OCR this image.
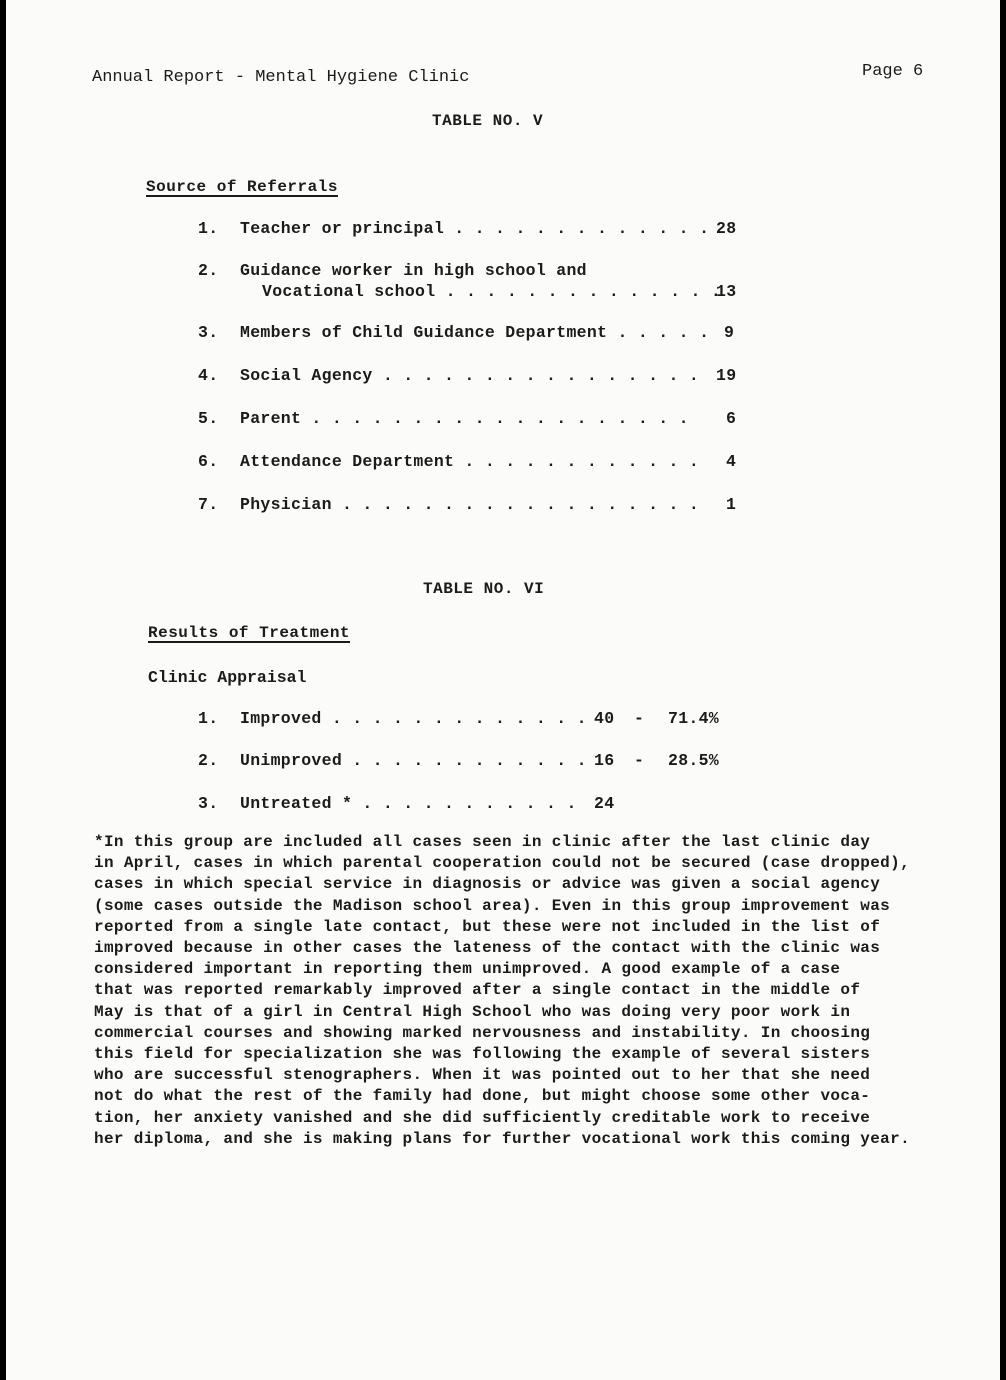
Annual Report - Mental Hygiene Clinic	Page 6
TABLE NO. V
Source of Referrals

1.

Teacher or principal . . . . . . . . . . . . .

28

2.

Guidance worker in high school and

Vocational school . . . . . . . . . . . . . .

13

3.

Members of Child Guidance Department . . . . .

9

4.

Social Agency . . . . . . . . . . . . . . . .

19

5.

Parent . . . . . . . . . . . . . . . . . . .

6

6.

Attendance Department . . . . . . . . . . . .

4

7.

Physician . . . . . . . . . . . . . . . . . .

1

TABLE NO. VI
Results of Treatment
Clinic Appraisal

1.

Improved . . . . . . . . . . . . .

40

-

71.4%

2.

Unimproved . . . . . . . . . . . .

16

-

28.5%

3.

Untreated * . . . . . . . . . . .

24

*In this group are included all cases seen in clinic after the last clinic day
in April, cases in which parental cooperation could not be secured (case dropped),
cases in which special service in diagnosis or advice was given a social agency
(some cases outside the Madison school area). Even in this group improvement was
reported from a single late contact, but these were not included in the list of
improved because in other cases the lateness of the contact with the clinic was
considered important in reporting them unimproved. A good example of a case
that was reported remarkably improved after a single contact in the middle of
May is that of a girl in Central High School who was doing very poor work in
commercial courses and showing marked nervousness and instability. In choosing
this field for specialization she was following the example of several sisters
who are successful stenographers. When it was pointed out to her that she need
not do what the rest of the family had done, but might choose some other voca-
tion, her anxiety vanished and she did sufficiently creditable work to receive
her diploma, and she is making plans for further vocational work this coming year.
